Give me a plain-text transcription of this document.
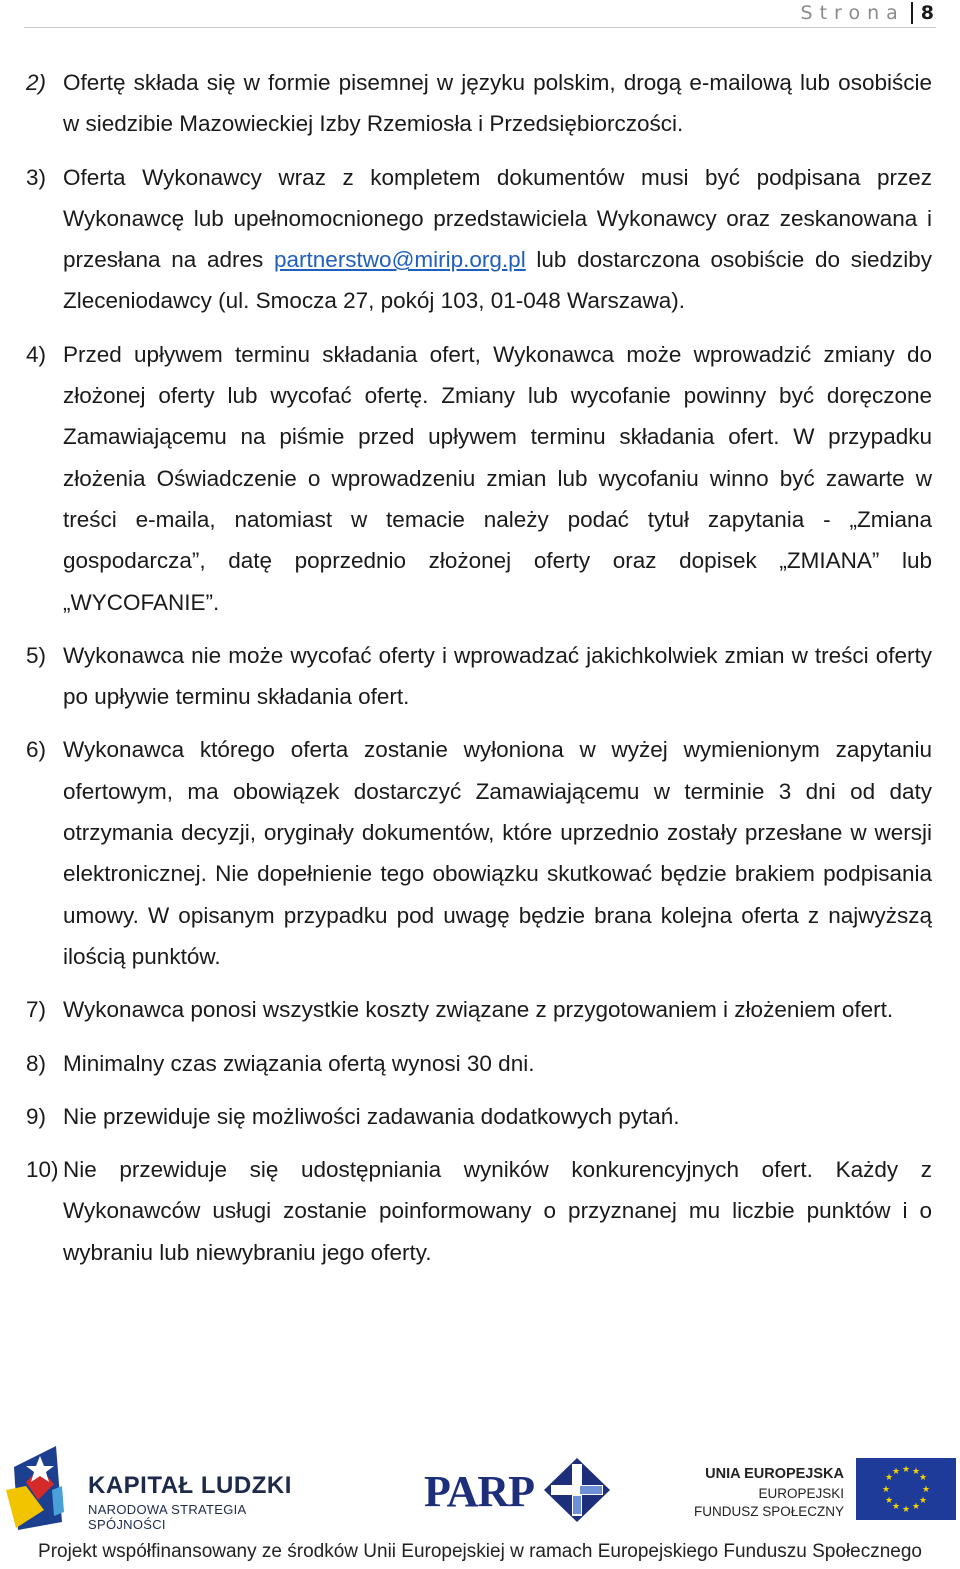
Strona 8
2) Ofertę składa się w formie pisemnej w języku polskim, drogą e-mailową lub osobiście w siedzibie Mazowieckiej Izby Rzemiosła i Przedsiębiorczości.
3) Oferta Wykonawcy wraz z kompletem dokumentów musi być podpisana przez Wykonawcę lub upełnomocnionego przedstawiciela Wykonawcy oraz zeskanowana i przesłana na adres partnerstwo@mirip.org.pl lub dostarczona osobiście do siedziby Zleceniodawcy (ul. Smocza 27, pokój 103, 01-048 Warszawa).
4) Przed upływem terminu składania ofert, Wykonawca może wprowadzić zmiany do złożonej oferty lub wycofać ofertę. Zmiany lub wycofanie powinny być doręczone Zamawiającemu na piśmie przed upływem terminu składania ofert. W przypadku złożenia Oświadczenie o wprowadzeniu zmian lub wycofaniu winno być zawarte w treści e-maila, natomiast w temacie należy podać tytuł zapytania - „Zmiana gospodarcza”, datę poprzednio złożonej oferty oraz dopisek „ZMIANA” lub „WYCOFANIE”.
5) Wykonawca nie może wycofać oferty i wprowadzać jakichkolwiek zmian w treści oferty po upływie terminu składania ofert.
6) Wykonawca którego oferta zostanie wyłoniona w wyżej wymienionym zapytaniu ofertowym, ma obowiązek dostarczyć Zamawiającemu w terminie 3 dni od daty otrzymania decyzji, oryginały dokumentów, które uprzednio zostały przesłane w wersji elektronicznej. Nie dopełnienie tego obowiązku skutkować będzie brakiem podpisania umowy. W opisanym przypadku pod uwagę będzie brana kolejna oferta z najwyższą ilością punktów.
7) Wykonawca ponosi wszystkie koszty związane z przygotowaniem i złożeniem ofert.
8) Minimalny czas związania ofertą wynosi 30 dni.
9) Nie przewiduje się możliwości zadawania dodatkowych pytań.
10) Nie przewiduje się udostępniania wyników konkurencyjnych ofert. Każdy z Wykonawców usługi zostanie poinformowany o przyznanej mu liczbie punktów i o wybraniu lub niewybraniu jego oferty.
KAPITAŁ LUDZKI
NARODOWA STRATEGIA SPÓJNOŚCI
PARP	UNIA EUROPEJSKA
EUROPEJSKI
FUNDUSZ SPOŁECZNY
★ ★
★
★
★
★
★
★
★
★
★
★
Projekt współfinansowany ze środków Unii Europejskiej w ramach Europejskiego Funduszu Społecznego
